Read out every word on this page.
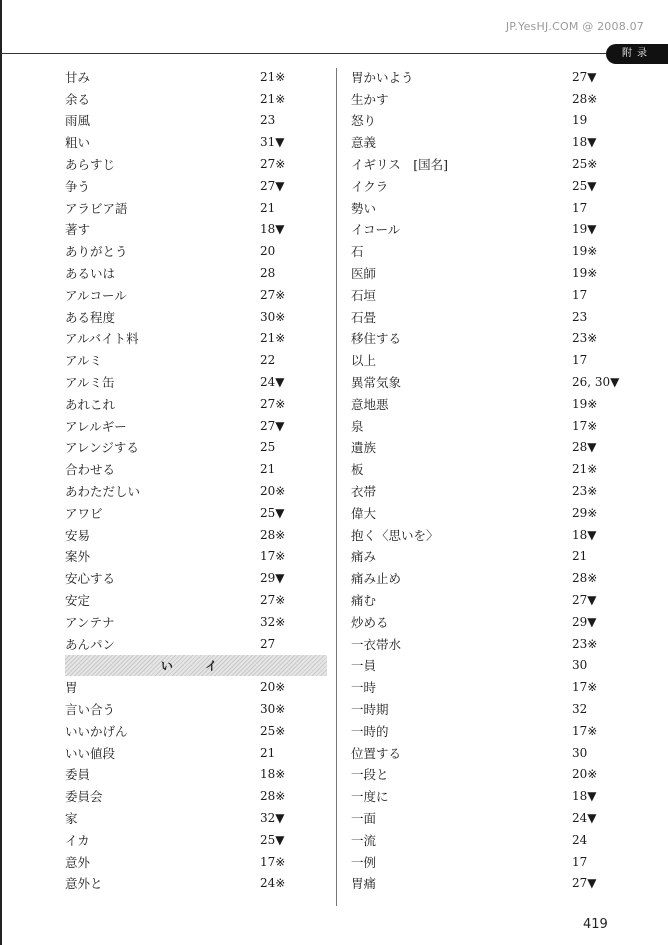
JP.YesHJ.COM @ 2008.07
附录
甘み	21※
余る	21※
雨風	23
粗い	31▼
あらすじ	27※
争う	27▼
アラビア語	21
著す	18▼
ありがとう	20
あるいは	28
アルコール	27※
ある程度	30※
アルバイト料	21※
アルミ	22
アルミ缶	24▼
あれこれ	27※
アレルギー	27▼
アレンジする	25
合わせる	21
あわただしい	20※
アワビ	25▼
安易	28※
案外	17※
安心する	29▼
安定	27※
アンテナ	32※
あんパン	27
い イ
胃	20※
言い合う	30※
いいかげん	25※
いい値段	21
委員	18※
委員会	28※
家	32▼
イカ	25▼
意外	17※
意外と	24※
胃かいよう	27▼
生かす	28※
怒り	19
意義	18▼
イギリス　[国名]	25※
イクラ	25▼
勢い	17
イコール	19▼
石	19※
医師	19※
石垣	17
石畳	23
移住する	23※
以上	17
異常気象	26, 30▼
意地悪	19※
泉	17※
遺族	28▼
板	21※
衣帯	23※
偉大	29※
抱く〈思いを〉	18▼
痛み	21
痛み止め	28※
痛む	27▼
炒める	29▼
一衣帯水	23※
一員	30
一時	17※
一時期	32
一時的	17※
位置する	30
一段と	20※
一度に	18▼
一面	24▼
一流	24
一例	17
胃痛	27▼
419
